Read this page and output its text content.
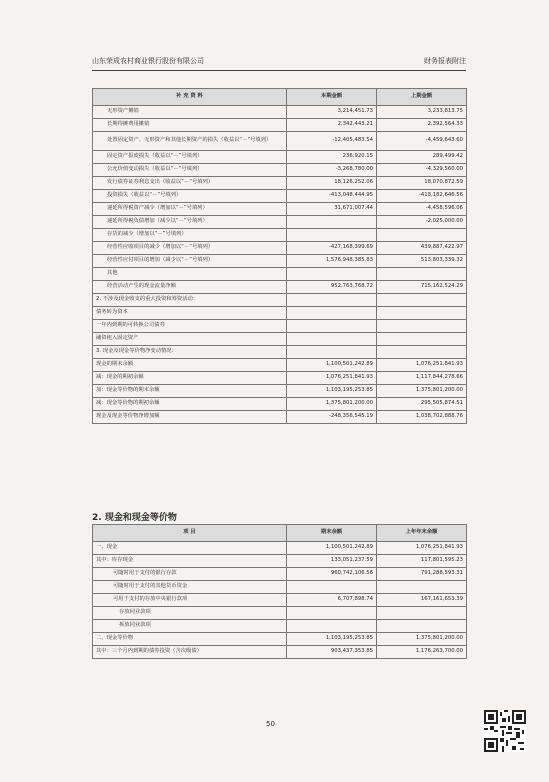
山东荣成农村商业银行股份有限公司	财务报表附注
补 充 资 料	本期金额	上期金额
无形资产摊销	3,214,451.73	3,233,813.75
长期待摊费用摊销	2,342,443.21	2,392,564.33
处置固定资产、无形资产和其他长期资产的损失（收益以“－”号填列）	-12,405,483.54	-4,459,643.60
固定资产报废损失（收益以“－”号填列）	236,920.15	289,499.42
公允价值变动损失（收益以“－”号填列）	-3,268,780.00	-4,329,560.00
发行债券证券利息支出（收益以“－”号填列）	18,126,252.06	18,070,872.59
投资损失（收益以“－”号填列）	-413,048,444.95	-418,182,646.56
递延所得税资产减少（增加以“－”号填列）	31,671,007.44	-4,458,596.06
递延所得税负债增加（减少以“－”号填列）		-2,025,000.00
存货的减少（增加以“－”号填列）		
经营性应收项目的减少（增加以“－”号填列）	-427,168,399.69	439,887,422.97
经营性应付项目的增加（减少以“－”号填列）	1,576,948,385.83	513,803,339.32
其他		
经营活动产生的现金流量净额	952,763,768.72	715,162,524.29
2. 不涉及现金收支的重大投资和筹资活动：		
债务转为资本		
一年内到期的可转换公司债券		
融资租入固定资产		
3. 现金及现金等价物净变动情况：		
现金的期末余额	1,100,501,242.89	1,076,251,841.93
减：现金的期初余额	1,076,251,841.93	1,117,844,278.66
加：现金等价物的期末余额	1,103,195,253.85	1,375,801,200.00
减：现金等价物的期初余额	1,375,801,200.00	295,505,874.51
现金及现金等价物净增加额	-248,356,545.19	1,038,702,888.76
2. 现金和现金等价物
项 目	期末余额	上年年末余额
一、现金	1,100,501,242.89	1,076,251,841.93
其中：库存现金	133,051,237.59	117,801,595.23
可随时用于支付的银行存款	960,742,106.56	791,288,593.31
可随时用于支付的其他货币资金		
可用于支付的存放中央银行款项	6,707,898.74	167,161,653.39
存放同业款项		
拆放同业款项		
二、现金等价物	1,103,195,253.85	1,375,801,200.00
其中：三个月内到期的债券投资（含次级债）	903,437,353.85	1,176,263,700.00
50
